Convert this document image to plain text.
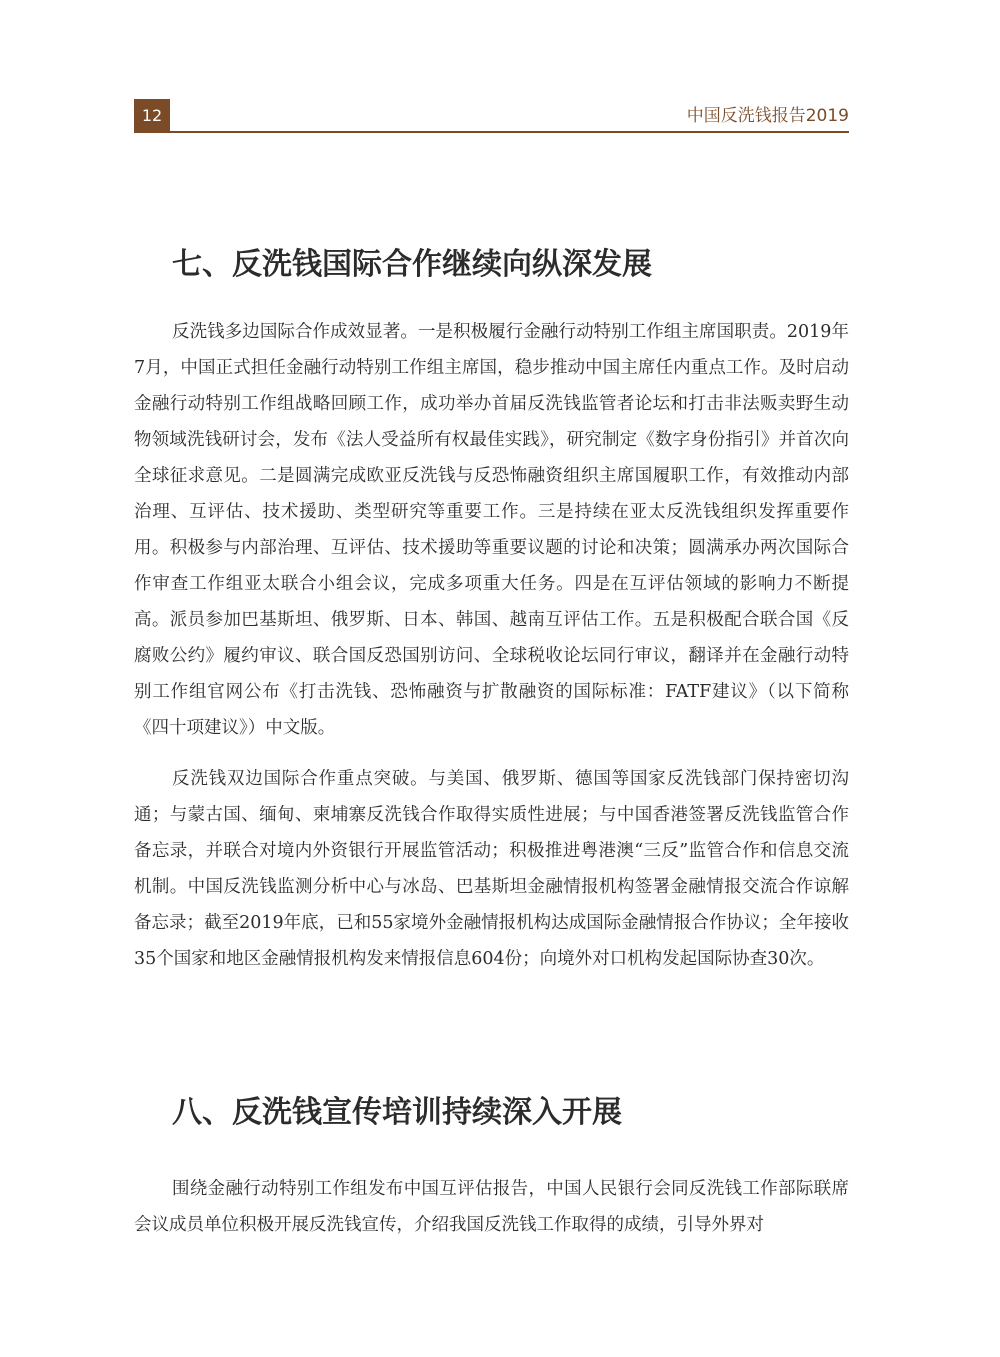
12	中国反洗钱报告2019
七、反洗钱国际合作继续向纵深发展

反洗钱多边国际合作成效显著。一是积极履行金融行动特别工作组主席国职责。2019年7月，中国正式担任金融行动特别工作组主席国，稳步推动中国主席任内重点工作。及时启动金融行动特别工作组战略回顾工作，成功举办首届反洗钱监管者论坛和打击非法贩卖野生动物领域洗钱研讨会，发布《法人受益所有权最佳实践》，研究制定《数字身份指引》并首次向全球征求意见。二是圆满完成欧亚反洗钱与反恐怖融资组织主席国履职工作，有效推动内部治理、互评估、技术援助、类型研究等重要工作。三是持续在亚太反洗钱组织发挥重要作用。积极参与内部治理、互评估、技术援助等重要议题的讨论和决策；圆满承办两次国际合作审查工作组亚太联合小组会议，完成多项重大任务。四是在互评估领域的影响力不断提高。派员参加巴基斯坦、俄罗斯、日本、韩国、越南互评估工作。五是积极配合联合国《反腐败公约》履约审议、联合国反恐国别访问、全球税收论坛同行审议，翻译并在金融行动特别工作组官网公布《打击洗钱、恐怖融资与扩散融资的国际标准：FATF建议》（以下简称《四十项建议》）中文版。

反洗钱双边国际合作重点突破。与美国、俄罗斯、德国等国家反洗钱部门保持密切沟通；与蒙古国、缅甸、柬埔寨反洗钱合作取得实质性进展；与中国香港签署反洗钱监管合作备忘录，并联合对境内外资银行开展监管活动；积极推进粤港澳“三反”监管合作和信息交流机制。中国反洗钱监测分析中心与冰岛、巴基斯坦金融情报机构签署金融情报交流合作谅解备忘录；截至2019年底，已和55家境外金融情报机构达成国际金融情报合作协议；全年接收35个国家和地区金融情报机构发来情报信息604份；向境外对口机构发起国际协查30次。

八、反洗钱宣传培训持续深入开展

围绕金融行动特别工作组发布中国互评估报告，中国人民银行会同反洗钱工作部际联席会议成员单位积极开展反洗钱宣传，介绍我国反洗钱工作取得的成绩，引导外界对
